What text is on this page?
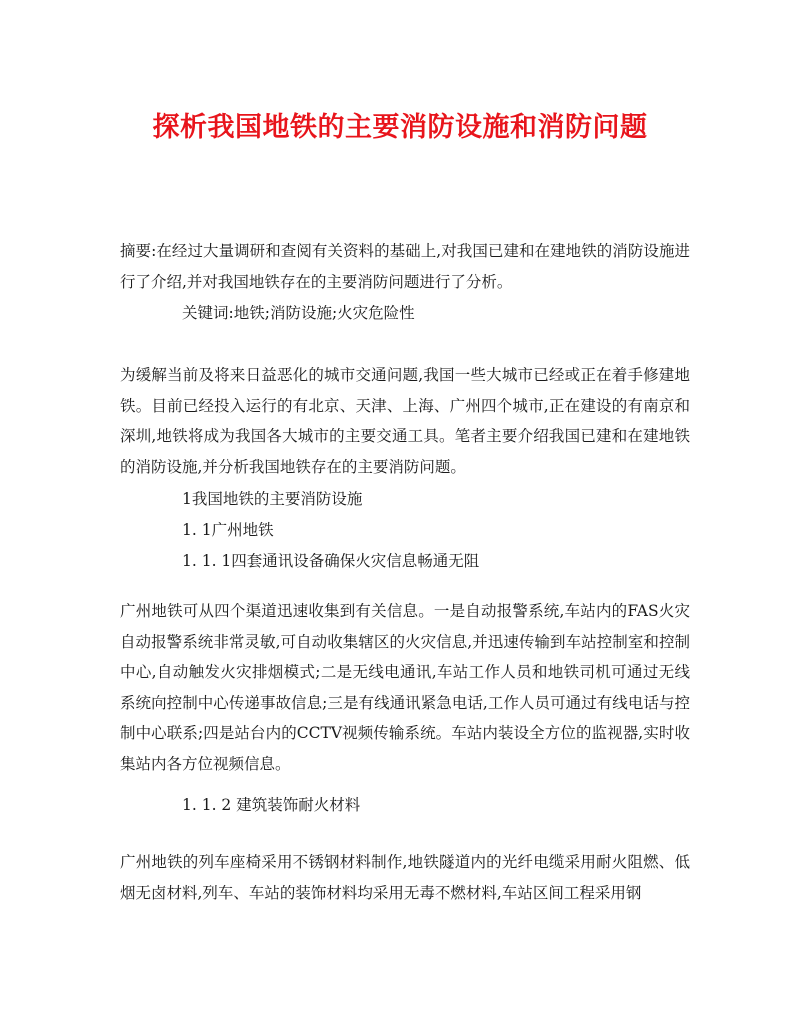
探析我国地铁的主要消防设施和消防问题

摘要:在经过大量调研和查阅有关资料的基础上,对我国已建和在建地铁的消防设施进行了介绍,并对我国地铁存在的主要消防问题进行了分析。

关键词:地铁;消防设施;火灾危险性

为缓解当前及将来日益恶化的城市交通问题,我国一些大城市已经或正在着手修建地铁。目前已经投入运行的有北京、天津、上海、广州四个城市,正在建设的有南京和深圳,地铁将成为我国各大城市的主要交通工具。笔者主要介绍我国已建和在建地铁的消防设施,并分析我国地铁存在的主要消防问题。

1我国地铁的主要消防设施

1. 1广州地铁

1. 1. 1四套通讯设备确保火灾信息畅通无阻

广州地铁可从四个渠道迅速收集到有关信息。一是自动报警系统,车站内的FAS火灾自动报警系统非常灵敏,可自动收集辖区的火灾信息,并迅速传输到车站控制室和控制中心,自动触发火灾排烟模式;二是无线电通讯,车站工作人员和地铁司机可通过无线系统向控制中心传递事故信息;三是有线通讯紧急电话,工作人员可通过有线电话与控制中心联系;四是站台内的CCTV视频传输系统。车站内装设全方位的监视器,实时收集站内各方位视频信息。

1. 1. 2 建筑装饰耐火材料

广州地铁的列车座椅采用不锈钢材料制作,地铁隧道内的光纤电缆采用耐火阻燃、低烟无卤材料,列车、车站的装饰材料均采用无毒不燃材料,车站区间工程采用钢
